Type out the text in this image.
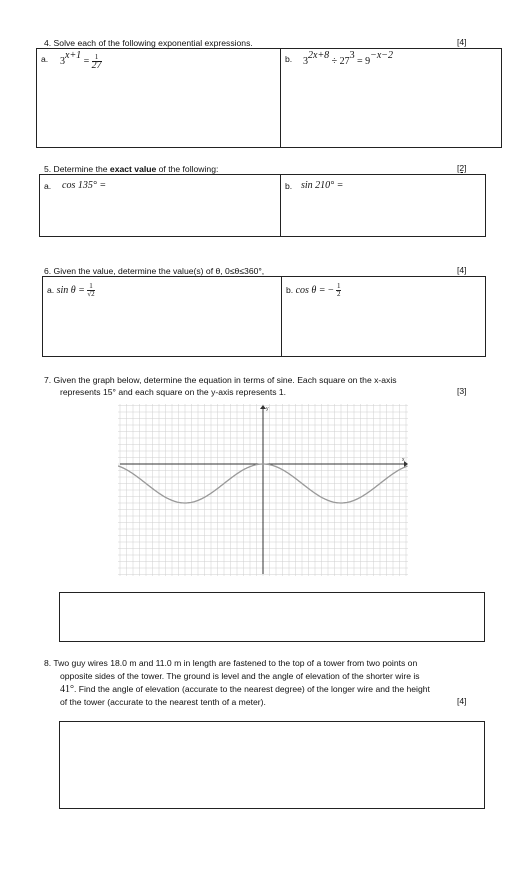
4. Solve each of the following exponential expressions.	[4]
a. $3^{x+1} = \frac{1}{27}$	b. $3^{2x+8} \div 27^3 = 9^{-x-2}$
5. Determine the exact value of the following:	[2]
a. cos 135° =	b. sin 210° =
6. Given the value, determine the value(s) of θ, 0≤θ≤360°,	[4]
a. $\sin \theta = \frac{1}{√2}$	b. cos θ = − $\frac{1}{2}$
7. Given the graph below, determine the equation in terms of sine. Each square on the x-axis
represents 15° and each square on the y-axis represents 1.	[3]
y
x
8. Two guy wires 18.0 m and 11.0 m in length are fastened to the top of a tower from two points on
opposite sides of the tower. The ground is level and the angle of elevation of the shorter wire is
41°. Find the angle of elevation (accurate to the nearest degree) of the longer wire and the height
of the tower (accurate to the nearest tenth of a meter).	[4]
